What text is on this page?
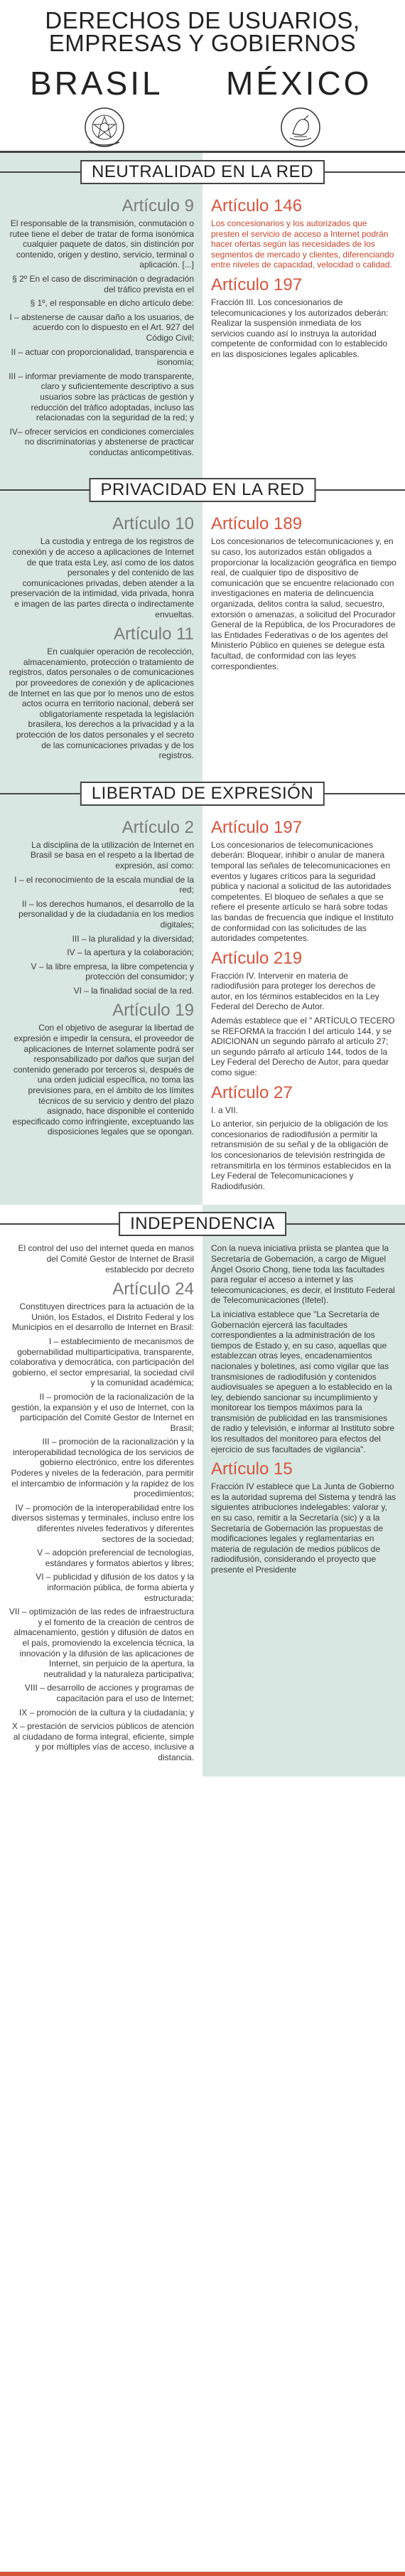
DERECHOS DE USUARIOS,
EMPRESAS Y GOBIERNOS
BRASIL MÉXICO
NEUTRALIDAD EN LA RED
Artículo 9

El responsable de la transmisión, conmutación o rutee tiene el deber de tratar de forma isonómica cualquier paquete de datos, sin distinción por contenido, origen y destino, servicio, terminal o aplicación. [...]

§ 2º En el caso de discriminación o degradación del tráfico prevista en el

§ 1º, el responsable en dicho artículo debe:

I – abstenerse de causar daño a los usuarios, de acuerdo con lo dispuesto en el Art. 927 del Código Civil;

II – actuar con proporcionalidad, transparencia e isonomía;

III – informar previamente de modo transparente, claro y suficientemente descriptivo a sus usuarios sobre las prácticas de gestión y reducción del tráfico adoptadas, incluso las relacionadas con la seguridad de la red; y

IV– ofrecer servicios en condiciones comerciales no discriminatorias y abstenerse de practicar conductas anticompetitivas.

Artículo 146

Los concesionarios y los autorizados que presten el servicio de acceso a Internet podrán hacer ofertas según las necesidades de los segmentos de mercado y clientes, diferenciando entre niveles de capacidad, velocidad o calidad.

Artículo 197

Fracción III. Los concesionarios de telecomunicaciones y los autorizados deberán: Realizar la suspensión inmediata de los servicios cuando así lo instruya la autoridad competente de conformidad con lo establecido en las disposiciones legales aplicables.

PRIVACIDAD EN LA RED
Artículo 10

La custodia y entrega de los registros de conexión y de acceso a aplicaciones de Internet de que trata esta Ley, así como de los datos personales y del contenido de las comunicaciones privadas, deben atender a la preservación de la intimidad, vida privada, honra e imagen de las partes directa o indirectamente envueltas.

Artículo 11

En cualquier operación de recolección, almacenamiento, protección o tratamiento de registros, datos personales o de comunicaciones por proveedores de conexión y de aplicaciones de Internet en las que por lo menos uno de estos actos ocurra en territorio nacional, deberá ser obligatoriamente respetada la legislación brasilera, los derechos a la privacidad y a la protección de los datos personales y el secreto de las comunicaciones privadas y de los registros.

Artículo 189

Los concesionarios de telecomunicaciones y, en su caso, los autorizados están obligados a proporcionar la localización geográfica en tiempo real, de cualquier tipo de dispositivo de comunicación que se encuentre relacionado con investigaciones en materia de delincuencia organizada, delitos contra la salud, secuestro, extorsión o amenazas, a solicitud del Procurador General de la República, de los Procuradores de las Entidades Federativas o de los agentes del Ministerio Público en quienes se delegue esta facultad, de conformidad con las leyes correspondientes.

LIBERTAD DE EXPRESIÓN
Artículo 2

La disciplina de la utilización de Internet en Brasil se basa en el respeto a la libertad de expresión, así como:

I – el reconocimiento de la escala mundial de la red;

II – los derechos humanos, el desarrollo de la personalidad y de la ciudadanía en los medios digitales;

III – la pluralidad y la diversidad;

IV – la apertura y la colaboración;

V – la libre empresa, la libre competencia y protección del consumidor; y

VI – la finalidad social de la red.

Artículo 19

Con el objetivo de asegurar la libertad de expresión e impedir la censura, el proveedor de aplicaciones de Internet solamente podrá ser responsabilizado por daños que surjan del contenido generado por terceros si, después de una orden judicial específica, no toma las previsiones para, en el ámbito de los límites técnicos de su servicio y dentro del plazo asignado, hace disponible el contenido especificado como infringiente, exceptuando las disposiciones legales que se opongan.

Artículo 197

Los concesionarios de telecomunicaciones deberán: Bloquear, inhibir o anular de manera temporal las señales de telecomunicaciones en eventos y lugares críticos para la seguridad pública y nacional a solicitud de las autoridades competentes. El bloqueo de señales a que se refiere el presente artículo se hará sobre todas las bandas de frecuencia que indique el Instituto de conformidad con las solicitudes de las autoridades competentes.

Artículo 219

Fracción IV. Intervenir en materia de radiodifusión para proteger los derechos de autor, en los términos establecidos en la Ley Federal del Derecho de Autor.

Además establece que el " ARTÍCULO TECERO se REFORMA la fracción I del artículo 144, y se ADICIONAN un segundo párrafo al artículo 27; un segundo párrafo al artículo 144, todos de la Ley Federal del Derecho de Autor, para quedar como sigue:

Artículo 27

I. a VII.

Lo anterior, sin perjuicio de la obligación de los concesionarios de radiodifusión a permitir la retransmisión de su señal y de la obligación de los concesionarios de televisión restringida de retransmitirla en los términos establecidos en la Ley Federal de Telecomunicaciones y Radiodifusión.

INDEPENDENCIA

El control del uso del internet queda en manos del Comité Gestor de Internet de Brasil establecido por decreto

Artículo 24

Constituyen directrices para la actuación de la Unión, los Estados, el Distrito Federal y los Municipios en el desarrollo de Internet en Brasil:

I – establecimiento de mecanismos de gobernabilidad multiparticipativa, transparente, colaborativa y democrática, con participación del gobierno, el sector empresarial, la sociedad civil y la comunidad académica;

II – promoción de la racionalización de la gestión, la expansión y el uso de Internet, con la participación del Comité Gestor de Internet en Brasil;

III – promoción de la racionalización y la interoperabilidad tecnológica de los servicios de gobierno electrónico, entre los diferentes Poderes y niveles de la federación, para permitir el intercambio de información y la rapidez de los procedimientos;

IV – promoción de la interoperabilidad entre los diversos sistemas y terminales, incluso entre los diferentes niveles federativos y diferentes sectores de la sociedad;

V – adopción preferencial de tecnologías, estándares y formatos abiertos y libres;

VI – publicidad y difusión de los datos y la información pública, de forma abierta y estructurada;

VII – optimización de las redes de infraestructura y el fomento de la creación de centros de almacenamiento, gestión y difusión de datos en el país, promoviendo la excelencia técnica, la innovación y la difusión de las aplicaciones de Internet, sin perjuicio de la apertura, la neutralidad y la naturaleza participativa;

VIII – desarrollo de acciones y programas de capacitación para el uso de Internet;

IX – promoción de la cultura y la ciudadanía; y

X – prestación de servicios públicos de atención al ciudadano de forma integral, eficiente, simple y por múltiples vías de acceso, inclusive a distancia.

Con la nueva iniciativa priista se plantea que la Secretaría de Gobernación, a cargo de Miguel Ángel Osorio Chong, tiene toda las facultades para regular el acceso a internet y las telecomunicaciones, es decir, el Instituto Federal de Telecomunicaciones (Ifetel).

La iniciativa establece que "La Secretaría de Gobernación ejercerá las facultades correspondientes a la administración de los tiempos de Estado y, en su caso, aquellas que establezcan otras leyes, encadenamientos nacionales y boletines, así como vigilar que las transmisiones de radiodifusión y contenidos audiovisuales se apeguen a lo establecido en la ley, debiendo sancionar su incumplimiento y monitorear los tiempos máximos para la transmisión de publicidad en las transmisiones de radio y televisión, e informar al Instituto sobre los resultados del monitoreo para efectos del ejercicio de sus facultades de vigilancia".

Artículo 15

Fracción IV establece que La Junta de Gobierno es la autoridad suprema del Sistema y tendrá las siguientes atribuciones indelegables: valorar y, en su caso, remitir a la Secretaría (sic) y a la Secretaría de Gobernación las propuestas de modificaciones legales y reglamentarias en materia de regulación de medios públicos de radiodifusión, considerando el proyecto que presente el Presidente
